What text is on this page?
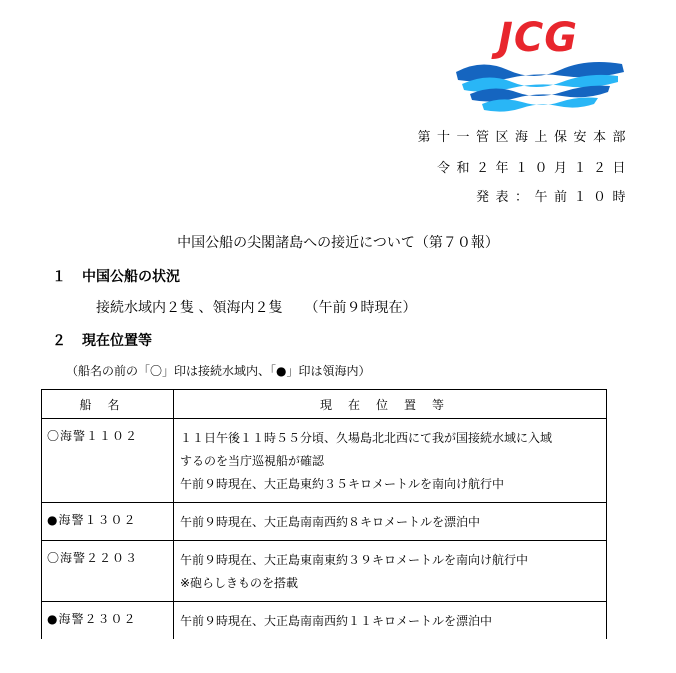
JCG
第十一管区海上保安本部
令和２年１０月１２日
発表：午前１０時
中国公船の尖閣諸島への接近について（第７０報）
１ 中国公船の状況
接続水域内２隻 、領海内２隻 （午前９時現在）
２ 現在位置等
（船名の前の「〇」印は接続水域内、「●」印は領海内）
船名	現在位置等
〇海警１１０２	１１日午後１１時５５分頃、久場島北北西にて我が国接続水域に入域
するのを当庁巡視船が確認
午前９時現在、大正島東約３５キロメートルを南向け航行中

●海警１３０２	午前９時現在、大正島南南西約８キロメートルを漂泊中

〇海警２２０３	午前９時現在、大正島東南東約３９キロメートルを南向け航行中
※砲らしきものを搭載

●海警２３０２	午前９時現在、大正島南南西約１１キロメートルを漂泊中
